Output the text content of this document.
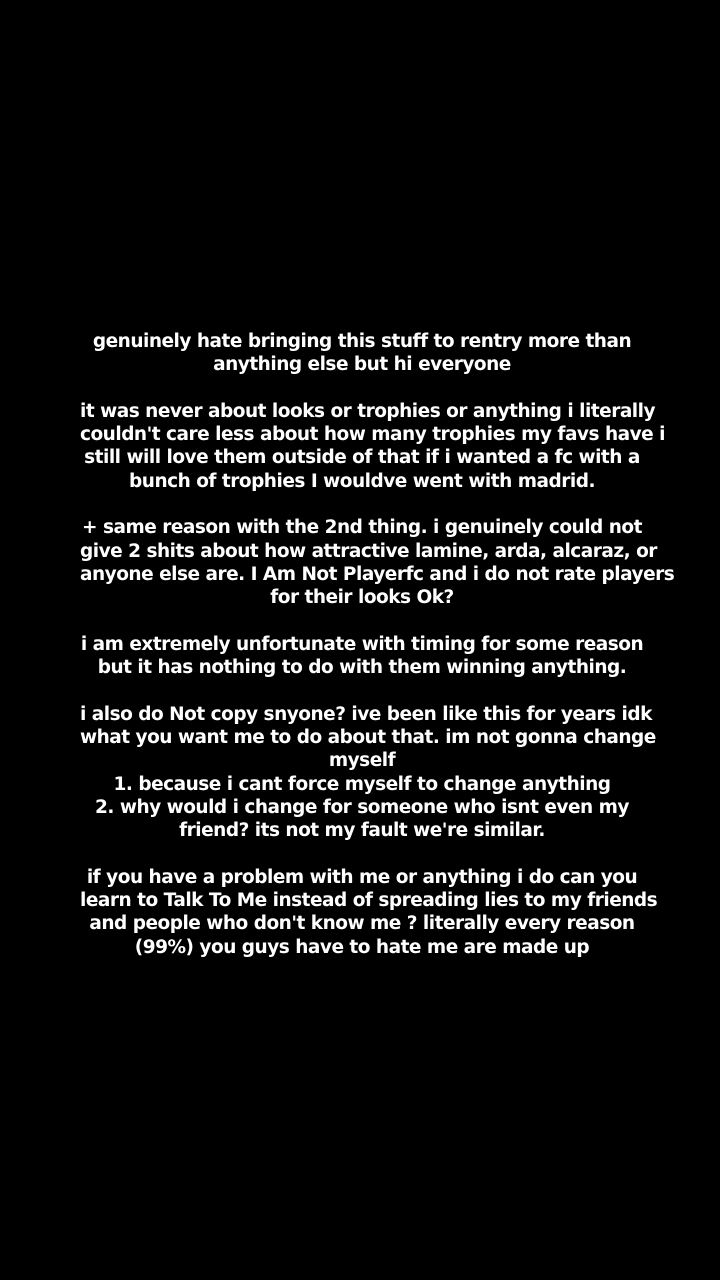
genuinely hate bringing this stuff to rentry more than
anything else but hi everyone

it was never about looks or trophies or anything i literally
couldn't care less about how many trophies my favs have i
still will love them outside of that if i wanted a fc with a
bunch of trophies I wouldve went with madrid.

+ same reason with the 2nd thing. i genuinely could not
give 2 shits about how attractive lamine, arda, alcaraz, or
anyone else are. I Am Not Playerfc and i do not rate players
for their looks Ok?

i am extremely unfortunate with timing for some reason
but it has nothing to do with them winning anything.

i also do Not copy snyone? ive been like this for years idk
what you want me to do about that. im not gonna change
myself
1. because i cant force myself to change anything
2. why would i change for someone who isnt even my
friend? its not my fault we're similar.

if you have a problem with me or anything i do can you
learn to Talk To Me instead of spreading lies to my friends
and people who don't know me ? literally every reason
(99%) you guys have to hate me are made up
